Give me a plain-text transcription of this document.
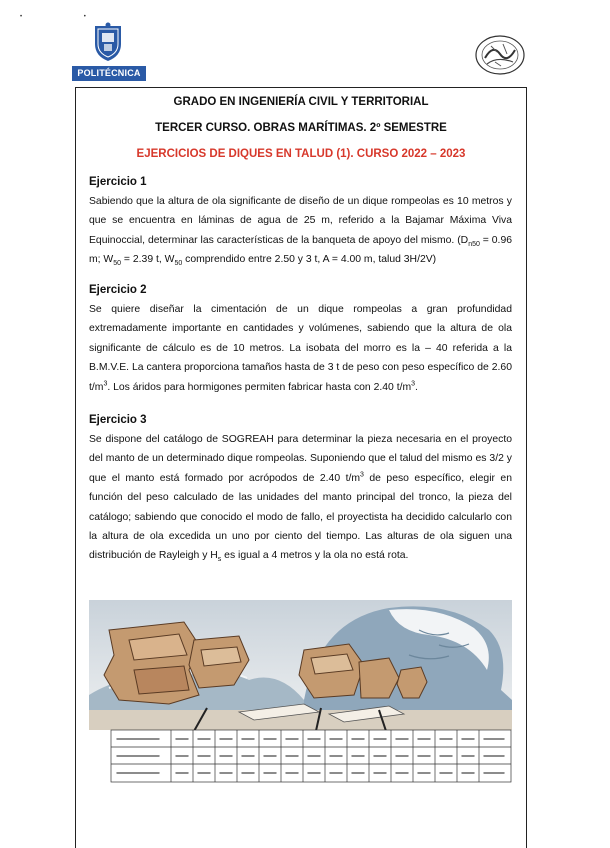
• •
POLITÉCNICA
GRADO EN INGENIERÍA CIVIL Y TERRITORIAL
TERCER CURSO. OBRAS MARÍTIMAS. 2º SEMESTRE
EJERCICIOS DE DIQUES EN TALUD (1). CURSO 2022 – 2023
Ejercicio 1
Sabiendo que la altura de ola significante de diseño de un dique rompeolas es 10 metros y que se encuentra en láminas de agua de 25 m, referido a la Bajamar Máxima Viva Equinoccial, determinar las características de la banqueta de apoyo del mismo. ($D_{n50} = 0.96$ m; $W_{50} = 2.39$ t, $W_{50}$ comprendido entre 2.50 y 3 t, A = 4.00 m, talud 3H/2V)
Ejercicio 2
Se quiere diseñar la cimentación de un dique rompeolas a gran profundidad extremadamente importante en cantidades y volúmenes, sabiendo que la altura de ola significante de cálculo es de 10 metros. La isobata del morro es la – 40 referida a la B.M.V.E. La cantera proporciona tamaños hasta de 3 t de peso con peso específico de 2.60 $t/m^3$. Los áridos para hormigones permiten fabricar hasta con 2.40 $t/m^3$.
Ejercicio 3
Se dispone del catálogo de SOGREAH para determinar la pieza necesaria en el proyecto del manto de un determinado dique rompeolas. Suponiendo que el talud del mismo es 3/2 y que el manto está formado por acrópodos de 2.40 $t/m^3$ de peso específico, elegir en función del peso calculado de las unidades del manto principal del tronco, la pieza del catálogo; sabiendo que conocido el modo de fallo, el proyectista ha decidido calcularlo con la altura de ola excedida un uno por ciento del tiempo. Las alturas de ola siguen una distribución de Rayleigh y $H_s$ es igual a 4 metros y la ola no está rota.
